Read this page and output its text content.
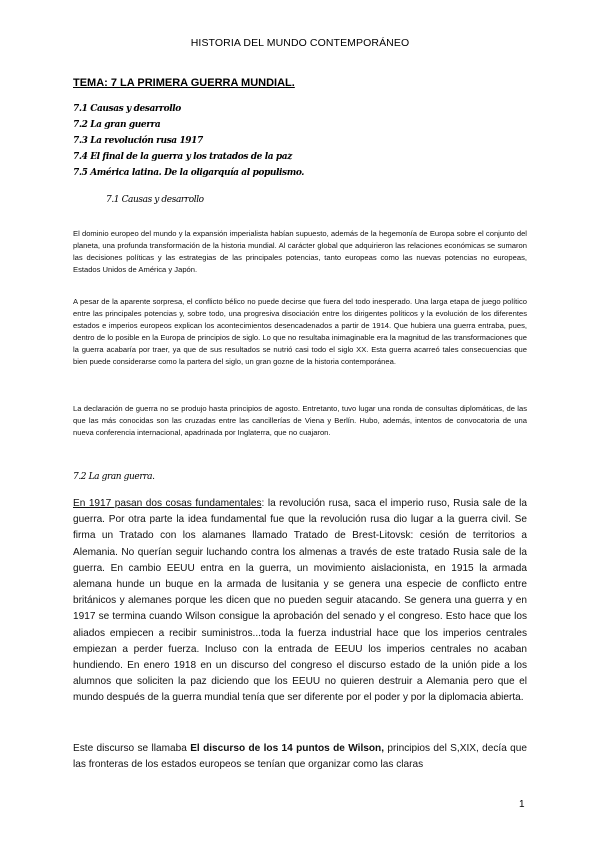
HISTORIA DEL MUNDO CONTEMPORÁNEO
TEMA: 7 LA PRIMERA GUERRA MUNDIAL.
7.1 Causas y desarrollo
7.2 La gran guerra
7.3 La revolución rusa 1917
7.4 El final de la guerra y los tratados de la paz
7.5 América latina. De la oligarquía al populismo.
7.1 Causas y desarrollo

El dominio europeo del mundo y la expansión imperialista habían supuesto, además de la hegemonía de Europa sobre el conjunto del planeta, una profunda transformación de la historia mundial. Al carácter global que adquirieron las relaciones económicas se sumaron las decisiones políticas y las estrategias de las principales potencias, tanto europeas como las nuevas potencias no europeas, Estados Unidos de América y Japón.

A pesar de la aparente sorpresa, el conflicto bélico no puede decirse que fuera del todo inesperado. Una larga etapa de juego político entre las principales potencias y, sobre todo, una progresiva disociación entre los dirigentes políticos y la evolución de los diferentes estados e imperios europeos explican los acontecimientos desencadenados a partir de 1914. Que hubiera una guerra entraba, pues, dentro de lo posible en la Europa de principios de siglo. Lo que no resultaba inimaginable era la magnitud de las transformaciones que la guerra acabaría por traer, ya que de sus resultados se nutrió casi todo el siglo XX. Esta guerra acarreó tales consecuencias que bien puede considerarse como la partera del siglo, un gran gozne de la historia contemporánea.

La declaración de guerra no se produjo hasta principios de agosto. Entretanto, tuvo lugar una ronda de consultas diplomáticas, de las que las más conocidas son las cruzadas entre las cancillerías de Viena y Berlín. Hubo, además, intentos de convocatoria de una nueva conferencia internacional, apadrinada por Inglaterra, que no cuajaron.

7.2 La gran guerra.

En 1917 pasan dos cosas fundamentales: la revolución rusa, saca el imperio ruso, Rusia sale de la guerra. Por otra parte la idea fundamental fue que la revolución rusa dio lugar a la guerra civil. Se firma un Tratado con los alamanes llamado Tratado de Brest-Litovsk: cesión de territorios a Alemania. No querían seguir luchando contra los almenas a través de este tratado Rusia sale de la guerra. En cambio EEUU entra en la guerra, un movimiento aislacionista, en 1915 la armada alemana hunde un buque en la armada de lusitania y se genera una especie de conflicto entre británicos y alemanes porque les dicen que no pueden seguir atacando. Se genera una guerra y en 1917 se termina cuando Wilson consigue la aprobación del senado y el congreso. Esto hace que los aliados empiecen a recibir suministros...toda la fuerza industrial hace que los imperios centrales empiezan a perder fuerza. Incluso con la entrada de EEUU los imperios centrales no acaban hundiendo. En enero 1918 en un discurso del congreso el discurso estado de la unión pide a los alumnos que soliciten la paz diciendo que los EEUU no quieren destruir a Alemania pero que el mundo después de la guerra mundial tenía que ser diferente por el poder y por la diplomacia abierta.

Este discurso se llamaba El discurso de los 14 puntos de Wilson, principios del S,XIX, decía que las fronteras de los estados europeos se tenían que organizar como las claras

1
